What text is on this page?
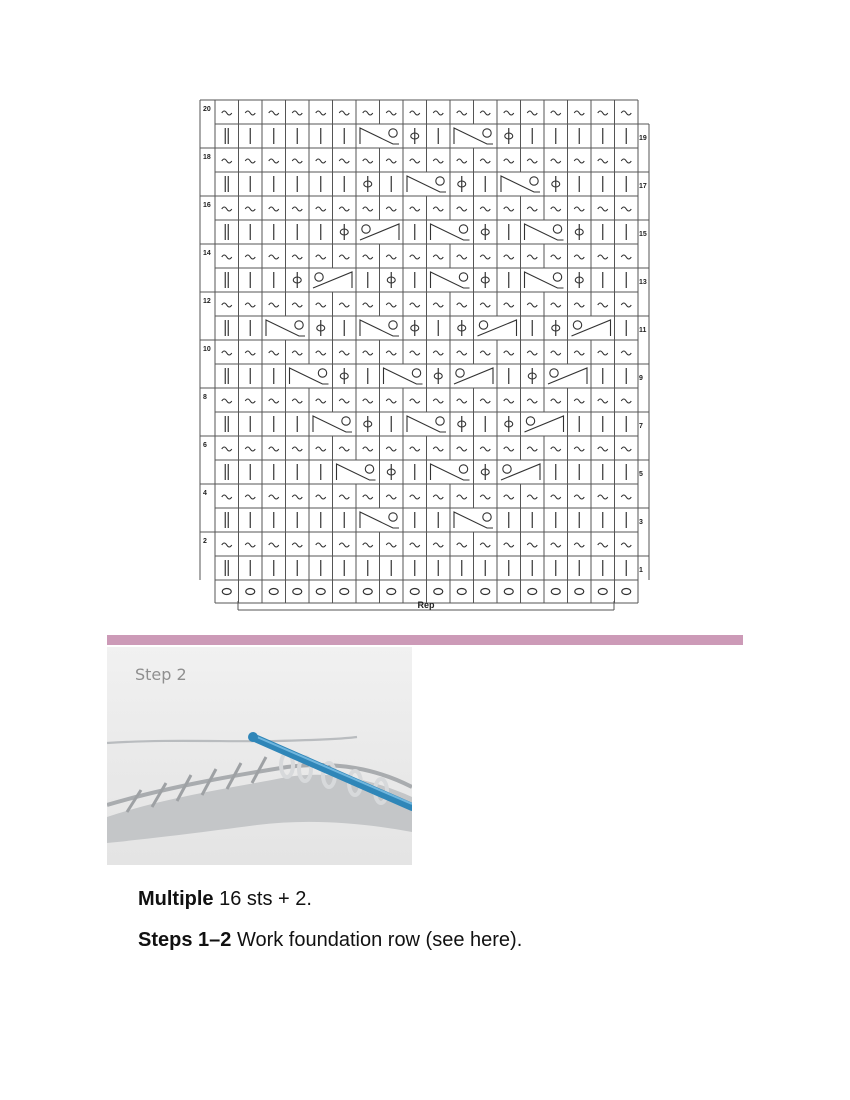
20
18
16
14
12
10
8
6
4
2
19
17
15
13
11
9
7
5
3
1
Rep
Step 2

Multiple 16 sts + 2.

Steps 1–2 Work foundation row (see here).
